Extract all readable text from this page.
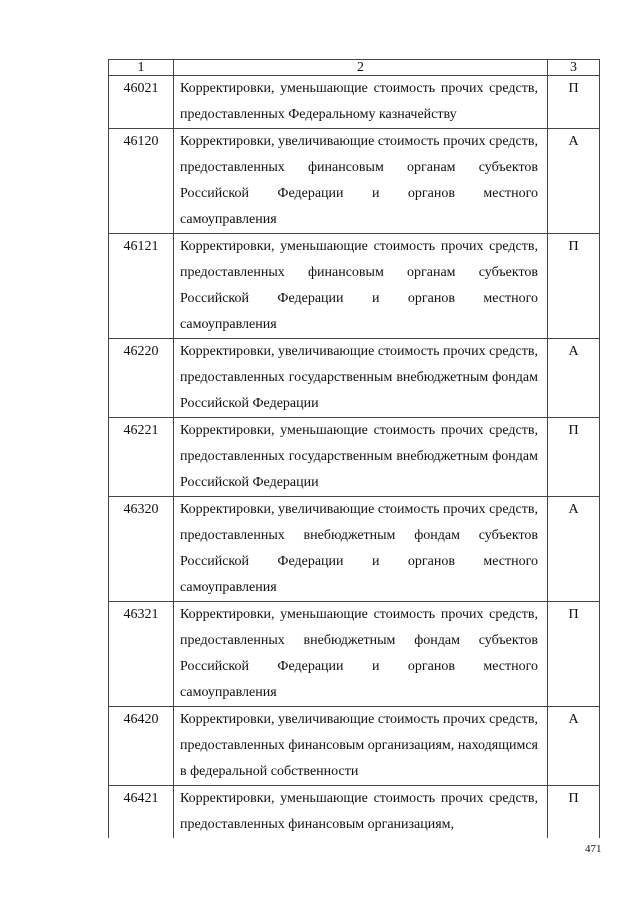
1	2	3
46021	Корректировки, уменьшающие стоимость прочих средств, предоставленных Федеральному казначейству	П
46120	Корректировки, увеличивающие стоимость прочих средств, предоставленных финансовым органам субъектов Российской Федерации и органов местного самоуправления	А
46121	Корректировки, уменьшающие стоимость прочих средств, предоставленных финансовым органам субъектов Российской Федерации и органов местного самоуправления	П
46220	Корректировки, увеличивающие стоимость прочих средств, предоставленных государственным внебюджетным фондам Российской Федерации	А
46221	Корректировки, уменьшающие стоимость прочих средств, предоставленных государственным внебюджетным фондам Российской Федерации	П
46320	Корректировки, увеличивающие стоимость прочих средств, предоставленных внебюджетным фондам субъектов Российской Федерации и органов местного самоуправления	А
46321	Корректировки, уменьшающие стоимость прочих средств, предоставленных внебюджетным фондам субъектов Российской Федерации и органов местного самоуправления	П
46420	Корректировки, увеличивающие стоимость прочих средств, предоставленных финансовым организациям, находящимся в федеральной собственности	А
46421	Корректировки, уменьшающие стоимость прочих средств, предоставленных финансовым организациям,	П
471
